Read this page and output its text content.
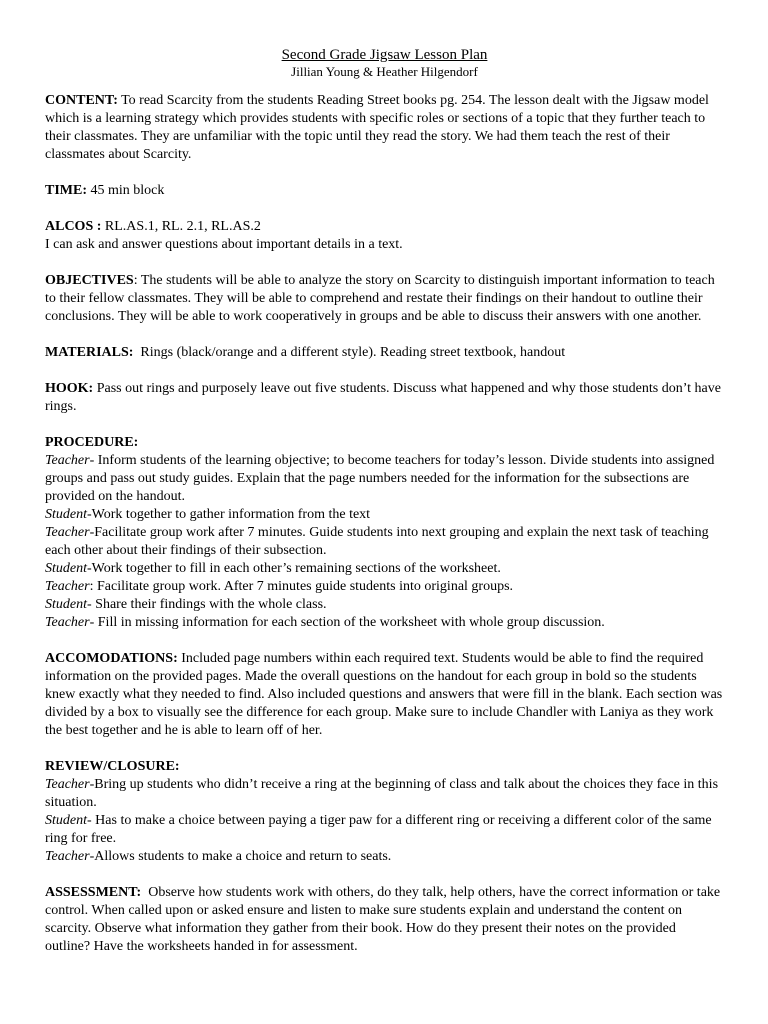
Second Grade Jigsaw Lesson Plan
Jillian Young & Heather Hilgendorf
CONTENT: To read Scarcity from the students Reading Street books pg. 254. The lesson dealt with the Jigsaw model which is a learning strategy which provides students with specific roles or sections of a topic that they further teach to their classmates. They are unfamiliar with the topic until they read the story. We had them teach the rest of their classmates about Scarcity.
TIME: 45 min block
ALCOS : RL.AS.1, RL. 2.1, RL.AS.2
I can ask and answer questions about important details in a text.
OBJECTIVES: The students will be able to analyze the story on Scarcity to distinguish important information to teach to their fellow classmates. They will be able to comprehend and restate their findings on their handout to outline their conclusions. They will be able to work cooperatively in groups and be able to discuss their answers with one another.
MATERIALS: Rings (black/orange and a different style). Reading street textbook, handout
HOOK: Pass out rings and purposely leave out five students. Discuss what happened and why those students don’t have rings.
PROCEDURE:
Teacher- Inform students of the learning objective; to become teachers for today’s lesson. Divide students into assigned groups and pass out study guides. Explain that the page numbers needed for the information for the subsections are provided on the handout.
Student-Work together to gather information from the text
Teacher-Facilitate group work after 7 minutes. Guide students into next grouping and explain the next task of teaching each other about their findings of their subsection.
Student-Work together to fill in each other’s remaining sections of the worksheet.
Teacher: Facilitate group work. After 7 minutes guide students into original groups.
Student- Share their findings with the whole class.
Teacher- Fill in missing information for each section of the worksheet with whole group discussion.
ACCOMODATIONS: Included page numbers within each required text. Students would be able to find the required information on the provided pages. Made the overall questions on the handout for each group in bold so the students knew exactly what they needed to find. Also included questions and answers that were fill in the blank. Each section was divided by a box to visually see the difference for each group. Make sure to include Chandler with Laniya as they work the best together and he is able to learn off of her.
REVIEW/CLOSURE:
Teacher-Bring up students who didn’t receive a ring at the beginning of class and talk about the choices they face in this situation.
Student- Has to make a choice between paying a tiger paw for a different ring or receiving a different color of the same ring for free.
Teacher-Allows students to make a choice and return to seats.
ASSESSMENT: Observe how students work with others, do they talk, help others, have the correct information or take control. When called upon or asked ensure and listen to make sure students explain and understand the content on scarcity. Observe what information they gather from their book. How do they present their notes on the provided outline? Have the worksheets handed in for assessment.
